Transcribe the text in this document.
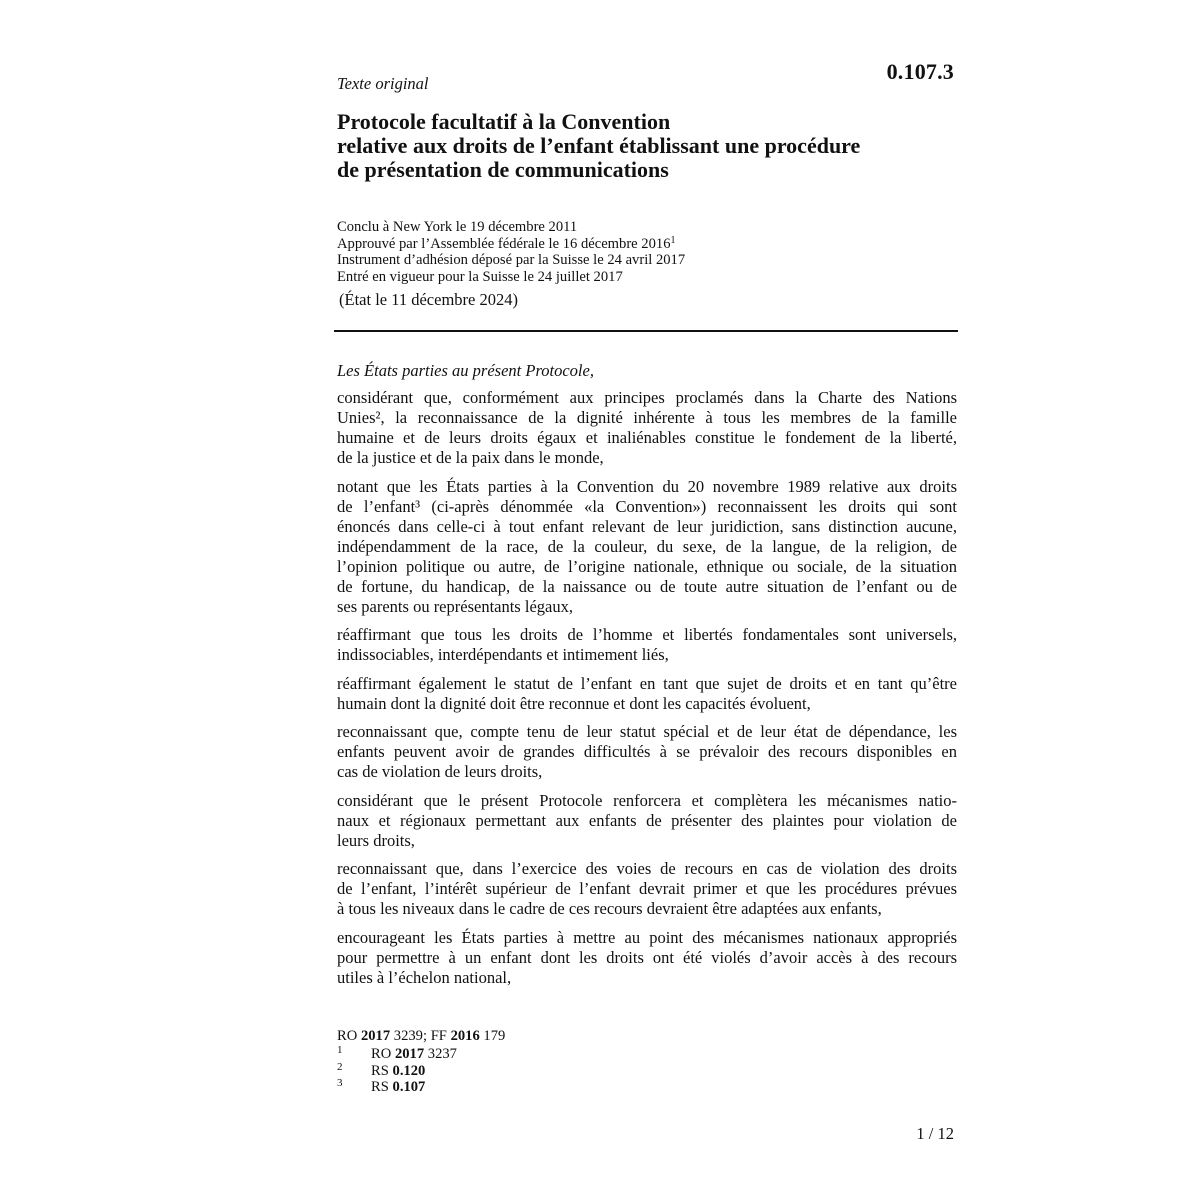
Texte original	0.107.3
Protocole facultatif à la Convention
relative aux droits de l’enfant établissant une procédure
de présentation de communications
Conclu à New York le 19 décembre 2011
Approuvé par l’Assemblée fédérale le 16 décembre 2016$^1$
Instrument d’adhésion déposé par la Suisse le 24 avril 2017
Entré en vigueur pour la Suisse le 24 juillet 2017
(État le 11 décembre 2024)

Les États parties au présent Protocole,

considérant que, conformément aux principes proclamés dans la Charte des Nations
Unies², la reconnaissance de la dignité inhérente à tous les membres de la famille
humaine et de leurs droits égaux et inaliénables constitue le fondement de la liberté,
de la justice et de la paix dans le monde,

notant que les États parties à la Convention du 20 novembre 1989 relative aux droits
de l’enfant³ (ci-après dénommée «la Convention») reconnaissent les droits qui sont
énoncés dans celle-ci à tout enfant relevant de leur juridiction, sans distinction aucune,
indépendamment de la race, de la couleur, du sexe, de la langue, de la religion, de
l’opinion politique ou autre, de l’origine nationale, ethnique ou sociale, de la situation
de fortune, du handicap, de la naissance ou de toute autre situation de l’enfant ou de
ses parents ou représentants légaux,

réaffirmant que tous les droits de l’homme et libertés fondamentales sont universels,
indissociables, interdépendants et intimement liés,

réaffirmant également le statut de l’enfant en tant que sujet de droits et en tant qu’être
humain dont la dignité doit être reconnue et dont les capacités évoluent,

reconnaissant que, compte tenu de leur statut spécial et de leur état de dépendance, les
enfants peuvent avoir de grandes difficultés à se prévaloir des recours disponibles en
cas de violation de leurs droits,

considérant que le présent Protocole renforcera et complètera les mécanismes natio-
naux et régionaux permettant aux enfants de présenter des plaintes pour violation de
leurs droits,

reconnaissant que, dans l’exercice des voies de recours en cas de violation des droits
de l’enfant, l’intérêt supérieur de l’enfant devrait primer et que les procédures prévues
à tous les niveaux dans le cadre de ces recours devraient être adaptées aux enfants,

encourageant les États parties à mettre au point des mécanismes nationaux appropriés
pour permettre à un enfant dont les droits ont été violés d’avoir accès à des recours
utiles à l’échelon national,

RO 2017 3239; FF 2016 179
1 RO 2017 3237
2 RS 0.120
3 RS 0.107
1 / 12
